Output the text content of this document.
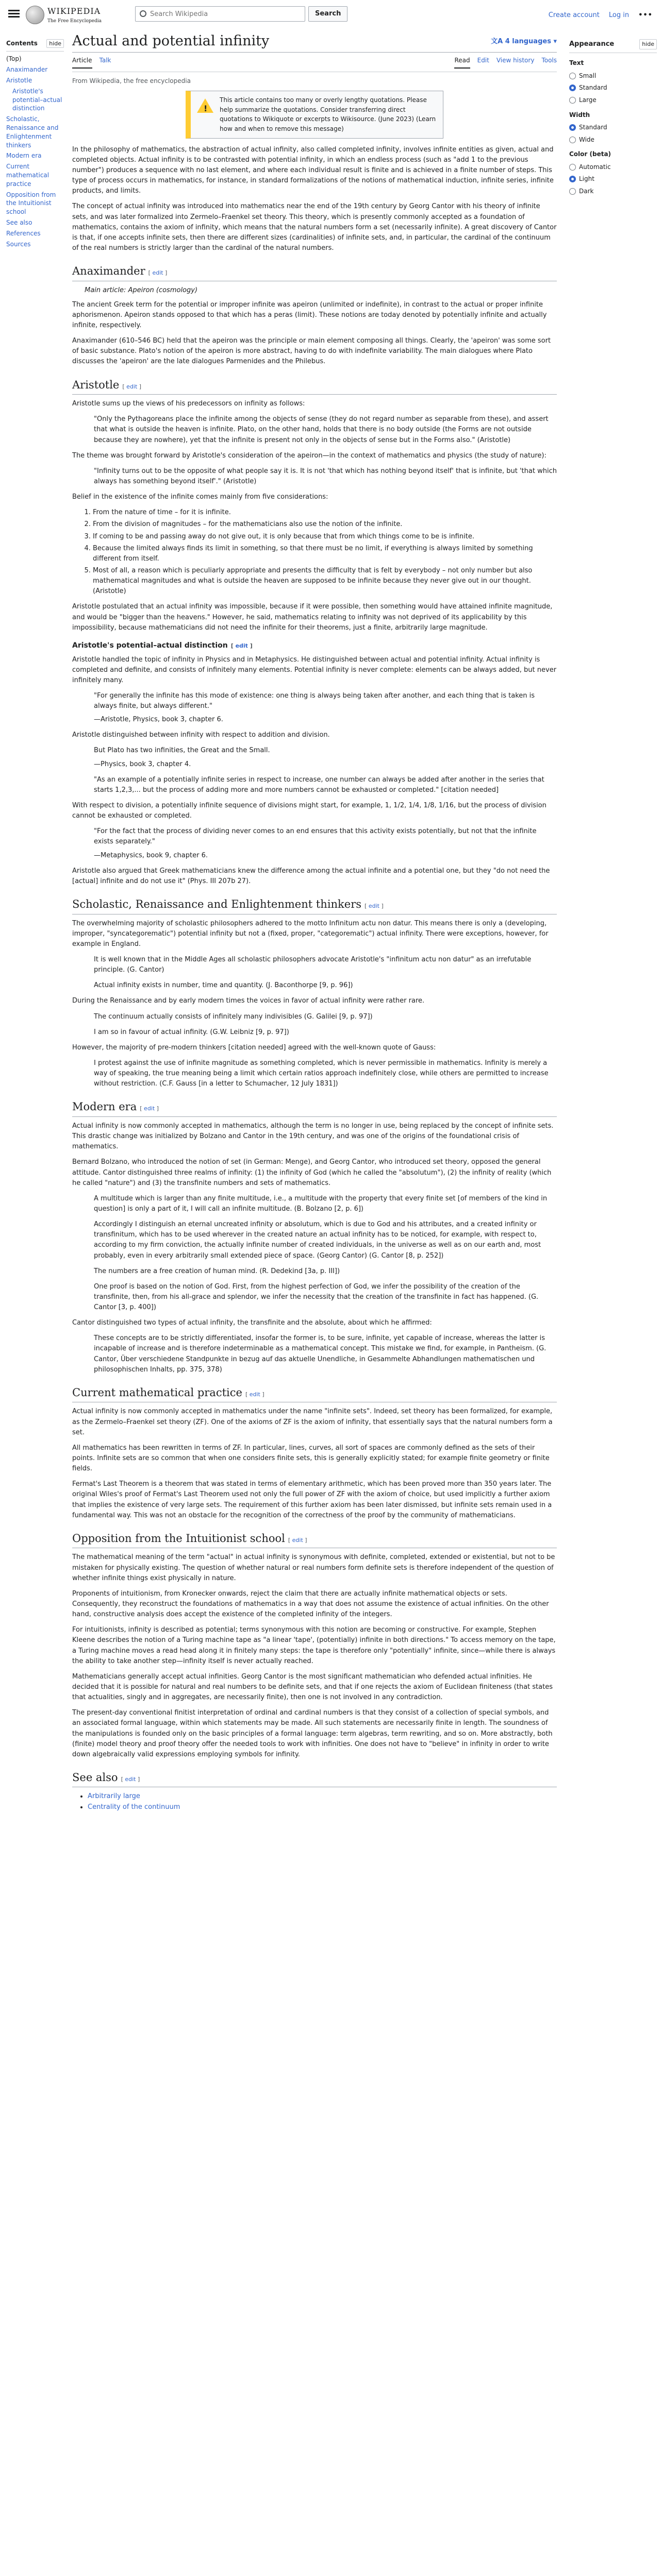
WIKIPEDIA
The Free Encyclopedia
Search Wikipedia
Search	Create account Log in •••
Contents	hide
(Top)
Anaximander
Aristotle
Aristotle's potential–actual distinction
Scholastic, Renaissance and Enlightenment thinkers
Modern era
Current mathematical practice
Opposition from the Intuitionist school
See also
References
Sources
Actual and potential infinity	文A 4 languages ▾
Article Talk	Read Edit View history Tools
From Wikipedia, the free encyclopedia
!
This article contains too many or overly lengthy quotations. Please help summarize the quotations. Consider transferring direct quotations to Wikiquote or excerpts to Wikisource. (June 2023) (Learn how and when to remove this message)

In the philosophy of mathematics, the abstraction of actual infinity, also called completed infinity, involves infinite entities as given, actual and completed objects. Actual infinity is to be contrasted with potential infinity, in which an endless process (such as "add 1 to the previous number") produces a sequence with no last element, and where each individual result is finite and is achieved in a finite number of steps. This type of process occurs in mathematics, for instance, in standard formalizations of the notions of mathematical induction, infinite series, infinite products, and limits.

The concept of actual infinity was introduced into mathematics near the end of the 19th century by Georg Cantor with his theory of infinite sets, and was later formalized into Zermelo–Fraenkel set theory. This theory, which is presently commonly accepted as a foundation of mathematics, contains the axiom of infinity, which means that the natural numbers form a set (necessarily infinite). A great discovery of Cantor is that, if one accepts infinite sets, then there are different sizes (cardinalities) of infinite sets, and, in particular, the cardinal of the continuum of the real numbers is strictly larger than the cardinal of the natural numbers.

Anaximander [ edit ]
Main article: Apeiron (cosmology)

The ancient Greek term for the potential or improper infinite was apeiron (unlimited or indefinite), in contrast to the actual or proper infinite aphorismenon. Apeiron stands opposed to that which has a peras (limit). These notions are today denoted by potentially infinite and actually infinite, respectively.

Anaximander (610–546 BC) held that the apeiron was the principle or main element composing all things. Clearly, the 'apeiron' was some sort of basic substance. Plato's notion of the apeiron is more abstract, having to do with indefinite variability. The main dialogues where Plato discusses the 'apeiron' are the late dialogues Parmenides and the Philebus.

Aristotle [ edit ]

Aristotle sums up the views of his predecessors on infinity as follows:

"Only the Pythagoreans place the infinite among the objects of sense (they do not regard number as separable from these), and assert that what is outside the heaven is infinite. Plato, on the other hand, holds that there is no body outside (the Forms are not outside because they are nowhere), yet that the infinite is present not only in the objects of sense but in the Forms also." (Aristotle)

The theme was brought forward by Aristotle's consideration of the apeiron—in the context of mathematics and physics (the study of nature):

"Infinity turns out to be the opposite of what people say it is. It is not 'that which has nothing beyond itself' that is infinite, but 'that which always has something beyond itself'." (Aristotle)

Belief in the existence of the infinite comes mainly from five considerations:

1. From the nature of time – for it is infinite.
2. From the division of magnitudes – for the mathematicians also use the notion of the infinite.
3. If coming to be and passing away do not give out, it is only because that from which things come to be is infinite.
4. Because the limited always finds its limit in something, so that there must be no limit, if everything is always limited by something different from itself.
5. Most of all, a reason which is peculiarly appropriate and presents the difficulty that is felt by everybody – not only number but also mathematical magnitudes and what is outside the heaven are supposed to be infinite because they never give out in our thought. (Aristotle)

Aristotle postulated that an actual infinity was impossible, because if it were possible, then something would have attained infinite magnitude, and would be "bigger than the heavens." However, he said, mathematics relating to infinity was not deprived of its applicability by this impossibility, because mathematicians did not need the infinite for their theorems, just a finite, arbitrarily large magnitude.

Aristotle's potential–actual distinction [ edit ]

Aristotle handled the topic of infinity in Physics and in Metaphysics. He distinguished between actual and potential infinity. Actual infinity is completed and definite, and consists of infinitely many elements. Potential infinity is never complete: elements can be always added, but never infinitely many.

"For generally the infinite has this mode of existence: one thing is always being taken after another, and each thing that is taken is always finite, but always different."
—Aristotle, Physics, book 3, chapter 6.

Aristotle distinguished between infinity with respect to addition and division.

But Plato has two infinities, the Great and the Small.
—Physics, book 3, chapter 4.
"As an example of a potentially infinite series in respect to increase, one number can always be added after another in the series that starts 1,2,3,... but the process of adding more and more numbers cannot be exhausted or completed." [citation needed]

With respect to division, a potentially infinite sequence of divisions might start, for example, 1, 1/2, 1/4, 1/8, 1/16, but the process of division cannot be exhausted or completed.

"For the fact that the process of dividing never comes to an end ensures that this activity exists potentially, but not that the infinite exists separately."
—Metaphysics, book 9, chapter 6.

Aristotle also argued that Greek mathematicians knew the difference among the actual infinite and a potential one, but they "do not need the [actual] infinite and do not use it" (Phys. III 207b 27).

Scholastic, Renaissance and Enlightenment thinkers [ edit ]

The overwhelming majority of scholastic philosophers adhered to the motto Infinitum actu non datur. This means there is only a (developing, improper, "syncategorematic") potential infinity but not a (fixed, proper, "categorematic") actual infinity. There were exceptions, however, for example in England.

It is well known that in the Middle Ages all scholastic philosophers advocate Aristotle's "infinitum actu non datur" as an irrefutable principle. (G. Cantor)
Actual infinity exists in number, time and quantity. (J. Baconthorpe [9, p. 96])

During the Renaissance and by early modern times the voices in favor of actual infinity were rather rare.

The continuum actually consists of infinitely many indivisibles (G. Galilei [9, p. 97])
I am so in favour of actual infinity. (G.W. Leibniz [9, p. 97])

However, the majority of pre-modern thinkers [citation needed] agreed with the well-known quote of Gauss:

I protest against the use of infinite magnitude as something completed, which is never permissible in mathematics. Infinity is merely a way of speaking, the true meaning being a limit which certain ratios approach indefinitely close, while others are permitted to increase without restriction. (C.F. Gauss [in a letter to Schumacher, 12 July 1831])
Modern era [ edit ]

Actual infinity is now commonly accepted in mathematics, although the term is no longer in use, being replaced by the concept of infinite sets. This drastic change was initialized by Bolzano and Cantor in the 19th century, and was one of the origins of the foundational crisis of mathematics.

Bernard Bolzano, who introduced the notion of set (in German: Menge), and Georg Cantor, who introduced set theory, opposed the general attitude. Cantor distinguished three realms of infinity: (1) the infinity of God (which he called the "absolutum"), (2) the infinity of reality (which he called "nature") and (3) the transfinite numbers and sets of mathematics.

A multitude which is larger than any finite multitude, i.e., a multitude with the property that every finite set [of members of the kind in question] is only a part of it, I will call an infinite multitude. (B. Bolzano [2, p. 6])
Accordingly I distinguish an eternal uncreated infinity or absolutum, which is due to God and his attributes, and a created infinity or transfinitum, which has to be used wherever in the created nature an actual infinity has to be noticed, for example, with respect to, according to my firm conviction, the actually infinite number of created individuals, in the universe as well as on our earth and, most probably, even in every arbitrarily small extended piece of space. (Georg Cantor) (G. Cantor [8, p. 252])
The numbers are a free creation of human mind. (R. Dedekind [3a, p. III])
One proof is based on the notion of God. First, from the highest perfection of God, we infer the possibility of the creation of the transfinite, then, from his all-grace and splendor, we infer the necessity that the creation of the transfinite in fact has happened. (G. Cantor [3, p. 400])

Cantor distinguished two types of actual infinity, the transfinite and the absolute, about which he affirmed:

These concepts are to be strictly differentiated, insofar the former is, to be sure, infinite, yet capable of increase, whereas the latter is incapable of increase and is therefore indeterminable as a mathematical concept. This mistake we find, for example, in Pantheism. (G. Cantor, Über verschiedene Standpunkte in bezug auf das aktuelle Unendliche, in Gesammelte Abhandlungen mathematischen und philosophischen Inhalts, pp. 375, 378)
Current mathematical practice [ edit ]

Actual infinity is now commonly accepted in mathematics under the name "infinite sets". Indeed, set theory has been formalized, for example, as the Zermelo–Fraenkel set theory (ZF). One of the axioms of ZF is the axiom of infinity, that essentially says that the natural numbers form a set.

All mathematics has been rewritten in terms of ZF. In particular, lines, curves, all sort of spaces are commonly defined as the sets of their points. Infinite sets are so common that when one considers finite sets, this is generally explicitly stated; for example finite geometry or finite fields.

Fermat's Last Theorem is a theorem that was stated in terms of elementary arithmetic, which has been proved more than 350 years later. The original Wiles's proof of Fermat's Last Theorem used not only the full power of ZF with the axiom of choice, but used implicitly a further axiom that implies the existence of very large sets. The requirement of this further axiom has been later dismissed, but infinite sets remain used in a fundamental way. This was not an obstacle for the recognition of the correctness of the proof by the community of mathematicians.

Opposition from the Intuitionist school [ edit ]

The mathematical meaning of the term "actual" in actual infinity is synonymous with definite, completed, extended or existential, but not to be mistaken for physically existing. The question of whether natural or real numbers form definite sets is therefore independent of the question of whether infinite things exist physically in nature.

Proponents of intuitionism, from Kronecker onwards, reject the claim that there are actually infinite mathematical objects or sets. Consequently, they reconstruct the foundations of mathematics in a way that does not assume the existence of actual infinities. On the other hand, constructive analysis does accept the existence of the completed infinity of the integers.

For intuitionists, infinity is described as potential; terms synonymous with this notion are becoming or constructive. For example, Stephen Kleene describes the notion of a Turing machine tape as "a linear 'tape', (potentially) infinite in both directions." To access memory on the tape, a Turing machine moves a read head along it in finitely many steps: the tape is therefore only "potentially" infinite, since—while there is always the ability to take another step—infinity itself is never actually reached.

Mathematicians generally accept actual infinities. Georg Cantor is the most significant mathematician who defended actual infinities. He decided that it is possible for natural and real numbers to be definite sets, and that if one rejects the axiom of Euclidean finiteness (that states that actualities, singly and in aggregates, are necessarily finite), then one is not involved in any contradiction.

The present-day conventional finitist interpretation of ordinal and cardinal numbers is that they consist of a collection of special symbols, and an associated formal language, within which statements may be made. All such statements are necessarily finite in length. The soundness of the manipulations is founded only on the basic principles of a formal language: term algebras, term rewriting, and so on. More abstractly, both (finite) model theory and proof theory offer the needed tools to work with infinities. One does not have to "believe" in infinity in order to write down algebraically valid expressions employing symbols for infinity.

See also [ edit ]
• Arbitrarily large
• Centrality of the continuum
Appearance	hide
Text
Small
Standard
Large
Width
Standard
Wide
Color (beta)
Automatic
Light
Dark
